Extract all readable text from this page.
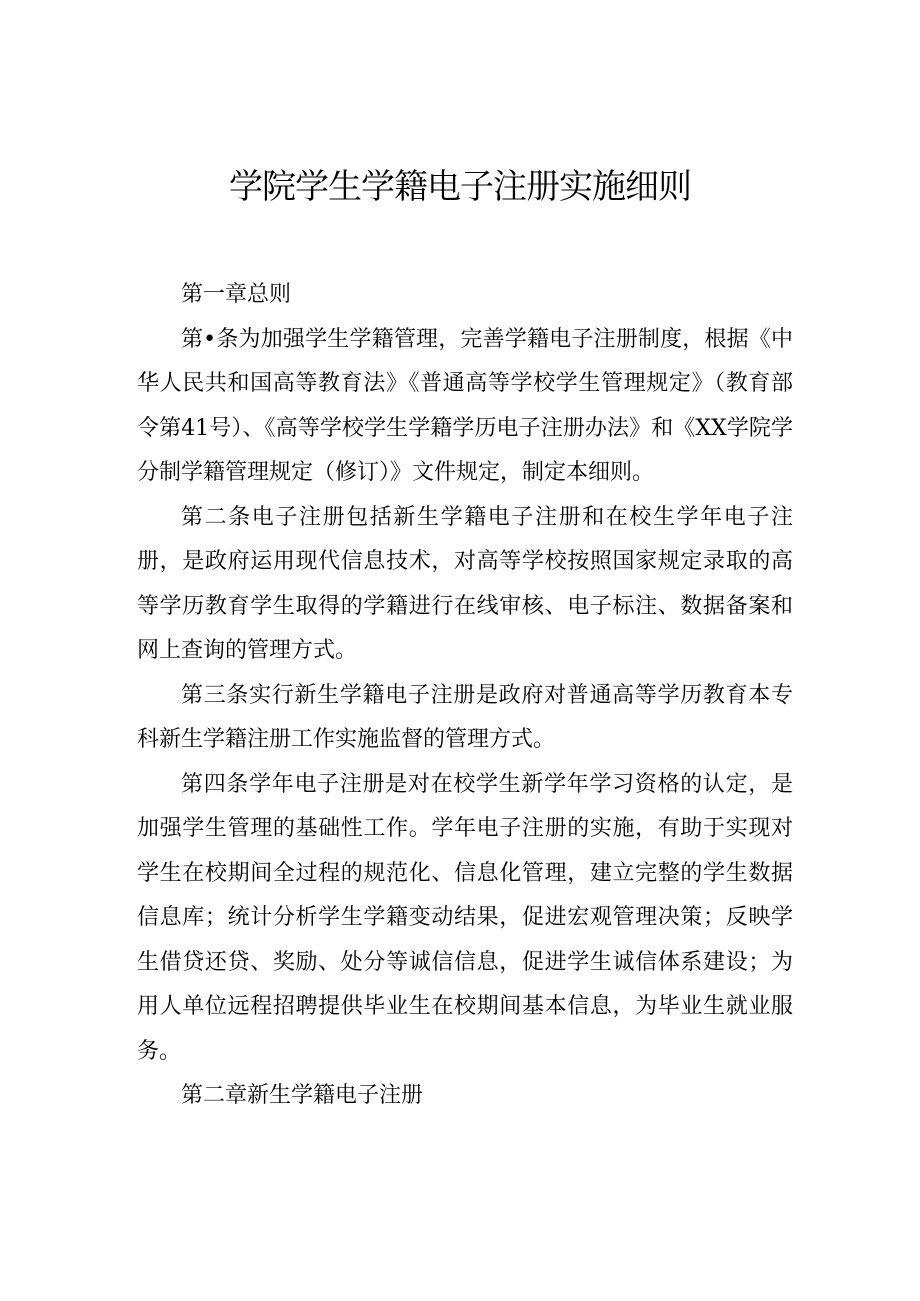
学院学生学籍电子注册实施细则

第一章总则

第•条为加强学生学籍管理，完善学籍电子注册制度，根据《中华人民共和国高等教育法》《普通高等学校学生管理规定》（教育部令第41号）、《高等学校学生学籍学历电子注册办法》和《XX学院学分制学籍管理规定（修订）》文件规定，制定本细则。

第二条电子注册包括新生学籍电子注册和在校生学年电子注册，是政府运用现代信息技术，对高等学校按照国家规定录取的高等学历教育学生取得的学籍进行在线审核、电子标注、数据备案和网上查询的管理方式。

第三条实行新生学籍电子注册是政府对普通高等学历教育本专科新生学籍注册工作实施监督的管理方式。

第四条学年电子注册是对在校学生新学年学习资格的认定，是加强学生管理的基础性工作。学年电子注册的实施，有助于实现对学生在校期间全过程的规范化、信息化管理，建立完整的学生数据信息库；统计分析学生学籍变动结果，促进宏观管理决策；反映学生借贷还贷、奖励、处分等诚信信息，促进学生诚信体系建设；为用人单位远程招聘提供毕业生在校期间基本信息，为毕业生就业服务。

第二章新生学籍电子注册
